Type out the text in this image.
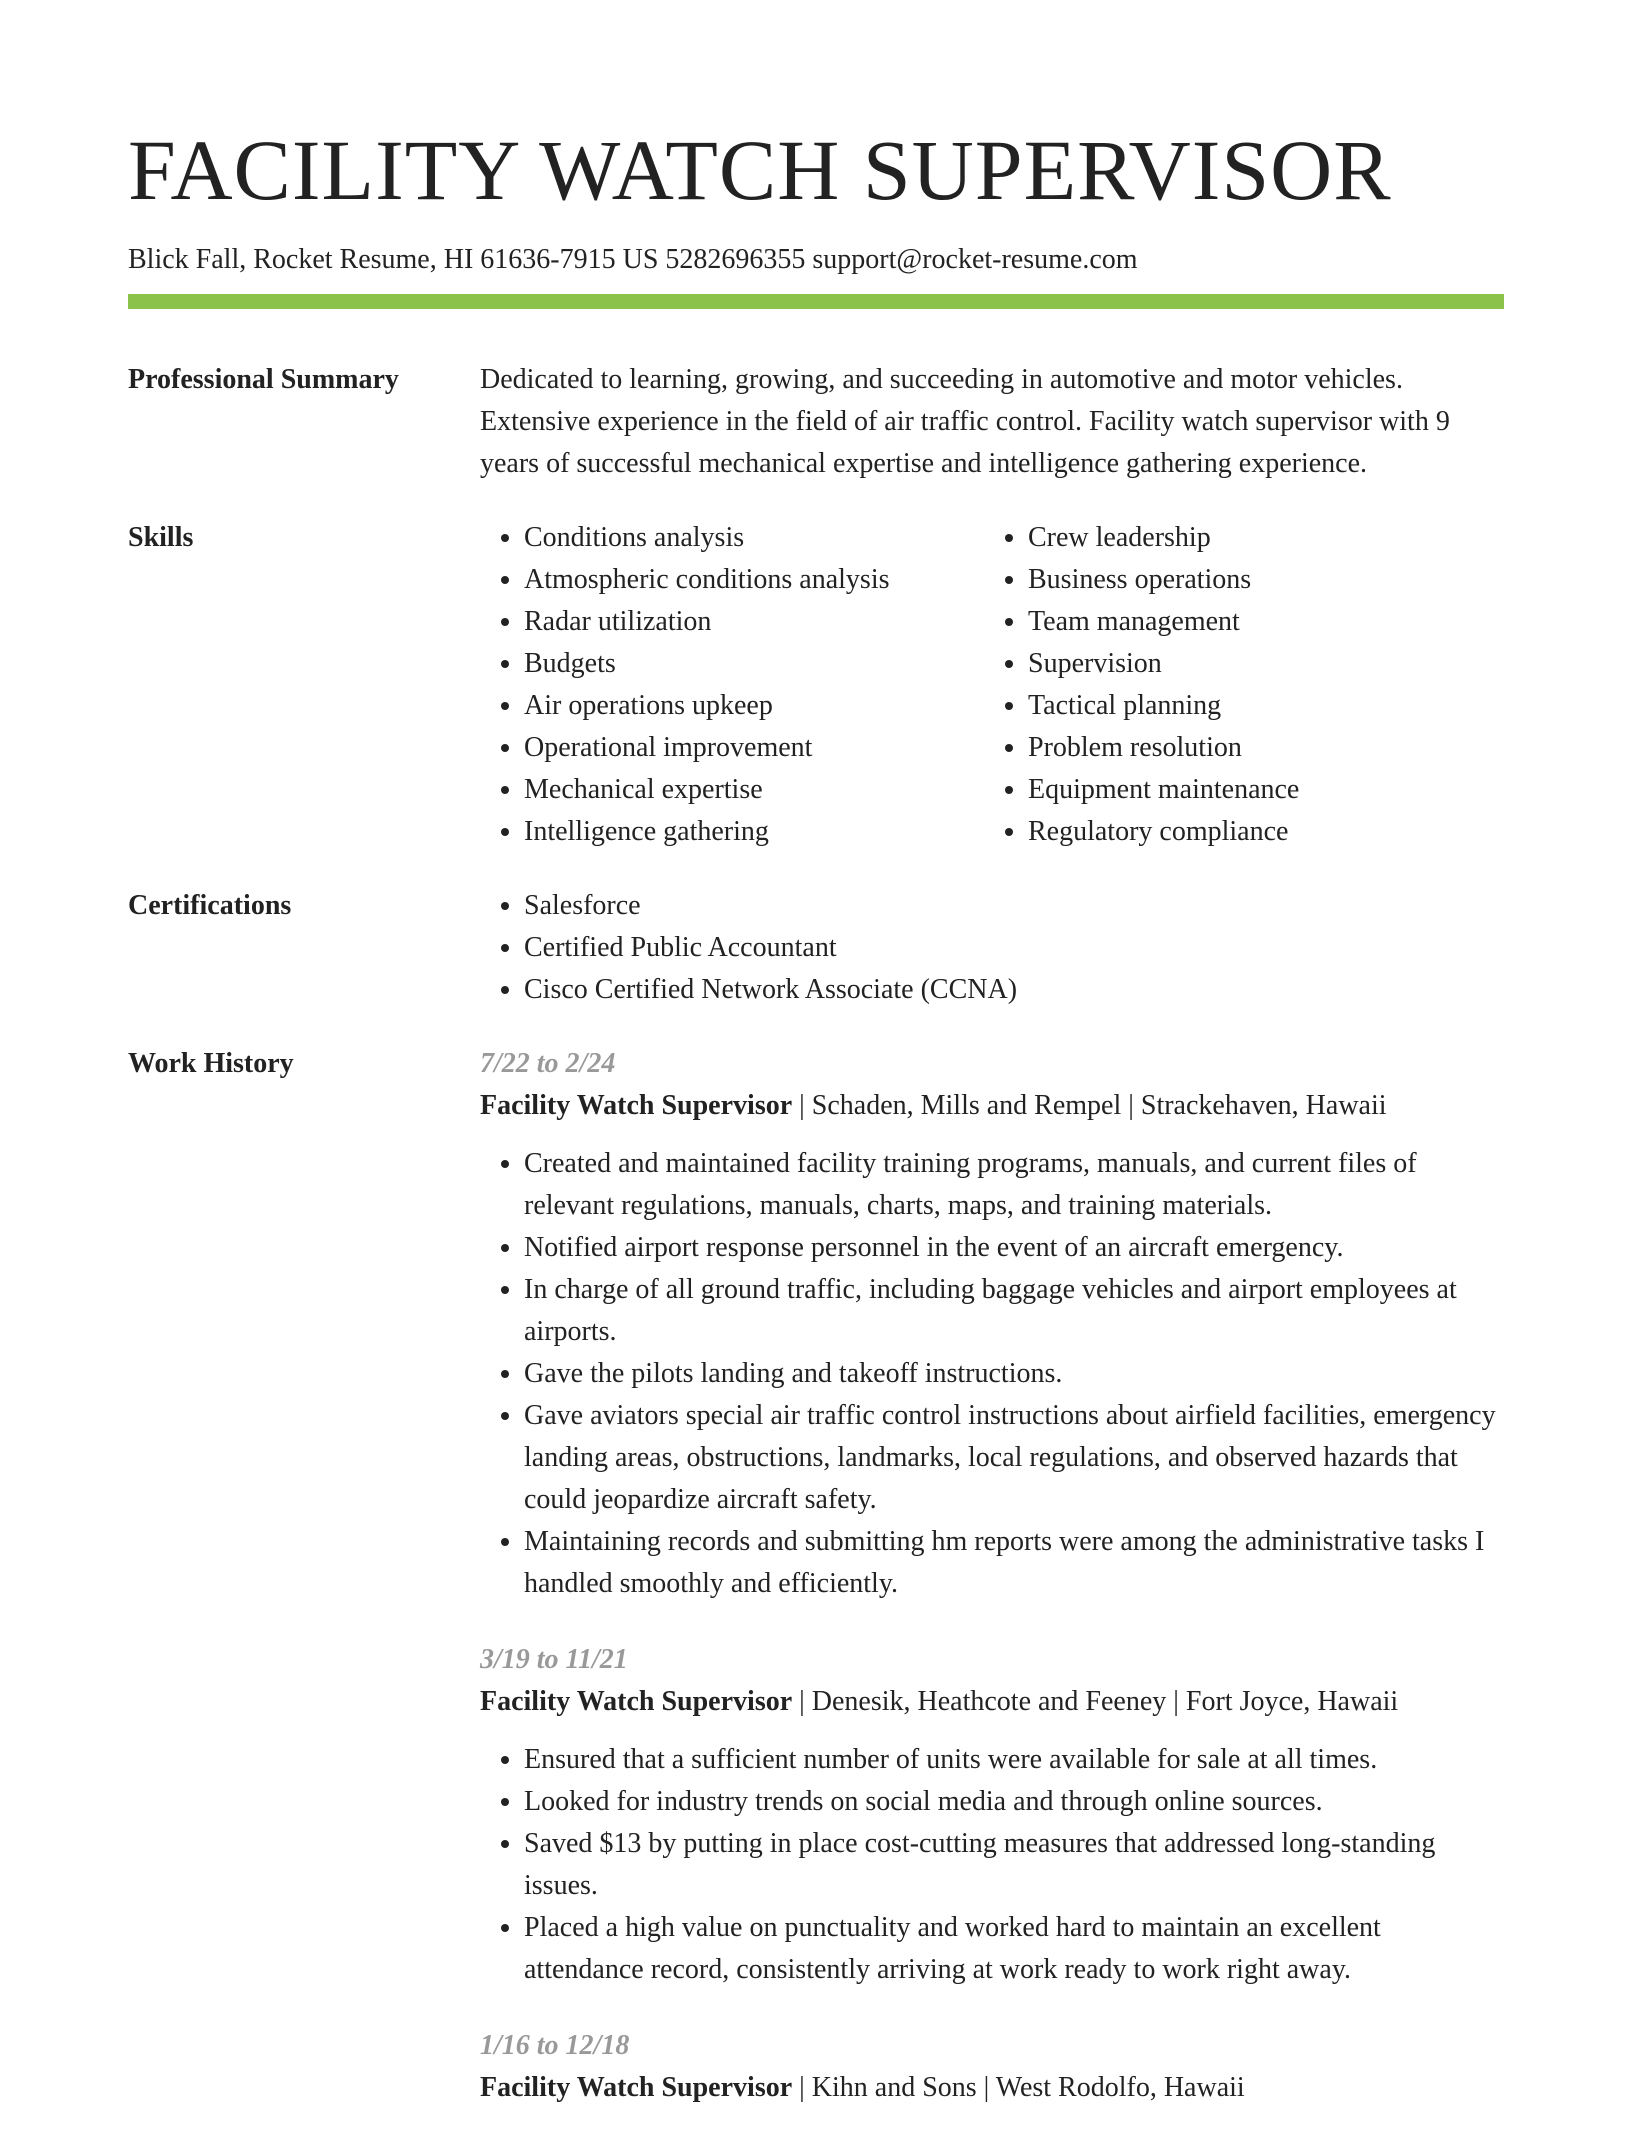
FACILITY WATCH SUPERVISOR
Blick Fall, Rocket Resume, HI 61636-7915 US 5282696355 support@rocket-resume.com
Professional Summary	Dedicated to learning, growing, and succeeding in automotive and motor vehicles. Extensive experience in the field of air traffic control. Facility watch supervisor with 9 years of successful mechanical expertise and intelligence gathering experience.
Skills	• Conditions analysis
• Atmospheric conditions analysis
• Radar utilization
• Budgets
• Air operations upkeep
• Operational improvement
• Mechanical expertise
• Intelligence gathering
• Crew leadership
• Business operations
• Team management
• Supervision
• Tactical planning
• Problem resolution
• Equipment maintenance
• Regulatory compliance
Certifications	• Salesforce
• Certified Public Accountant
• Cisco Certified Network Associate (CCNA)
Work History	7/22 to 2/24
Facility Watch Supervisor | Schaden, Mills and Rempel | Strackehaven, Hawaii
• Created and maintained facility training programs, manuals, and current files of relevant regulations, manuals, charts, maps, and training materials.
• Notified airport response personnel in the event of an aircraft emergency.
• In charge of all ground traffic, including baggage vehicles and airport employees at airports.
• Gave the pilots landing and takeoff instructions.
• Gave aviators special air traffic control instructions about airfield facilities, emergency landing areas, obstructions, landmarks, local regulations, and observed hazards that could jeopardize aircraft safety.
• Maintaining records and submitting hm reports were among the administrative tasks I handled smoothly and efficiently.
3/19 to 11/21
Facility Watch Supervisor | Denesik, Heathcote and Feeney | Fort Joyce, Hawaii
• Ensured that a sufficient number of units were available for sale at all times.
• Looked for industry trends on social media and through online sources.
• Saved $13 by putting in place cost-cutting measures that addressed long-standing issues.
• Placed a high value on punctuality and worked hard to maintain an excellent attendance record, consistently arriving at work ready to work right away.
1/16 to 12/18
Facility Watch Supervisor | Kihn and Sons | West Rodolfo, Hawaii
